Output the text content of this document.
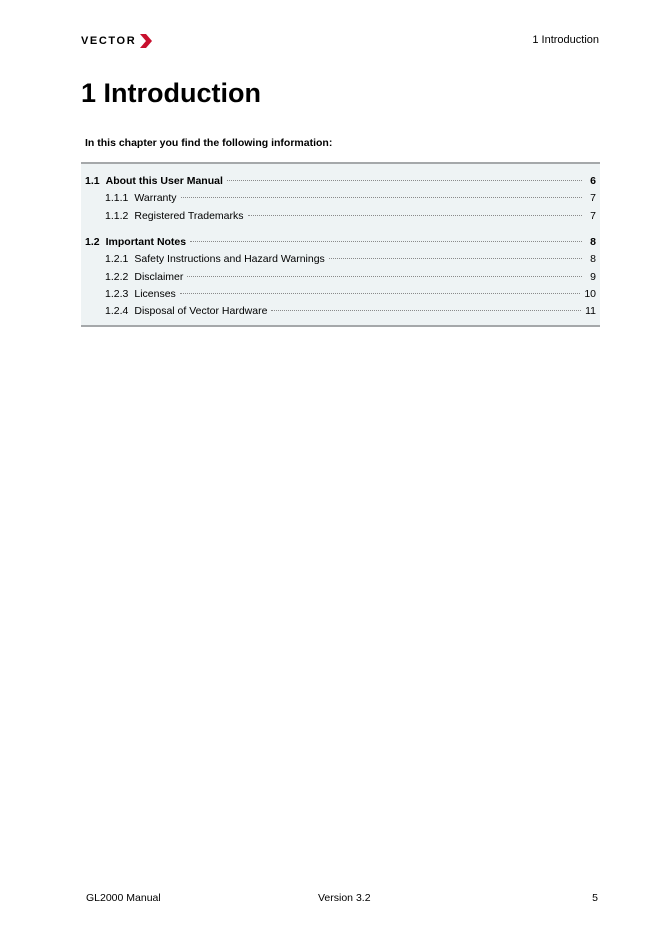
VECTOR	1 Introduction
1 Introduction
In this chapter you find the following information:
1.1 About this User Manual	6
1.1.1 Warranty	7
1.1.2 Registered Trademarks	7
1.2 Important Notes	8
1.2.1 Safety Instructions and Hazard Warnings	8
1.2.2 Disclaimer	9
1.2.3 Licenses	10
1.2.4 Disposal of Vector Hardware	11
GL2000 Manual	Version 3.2	5
